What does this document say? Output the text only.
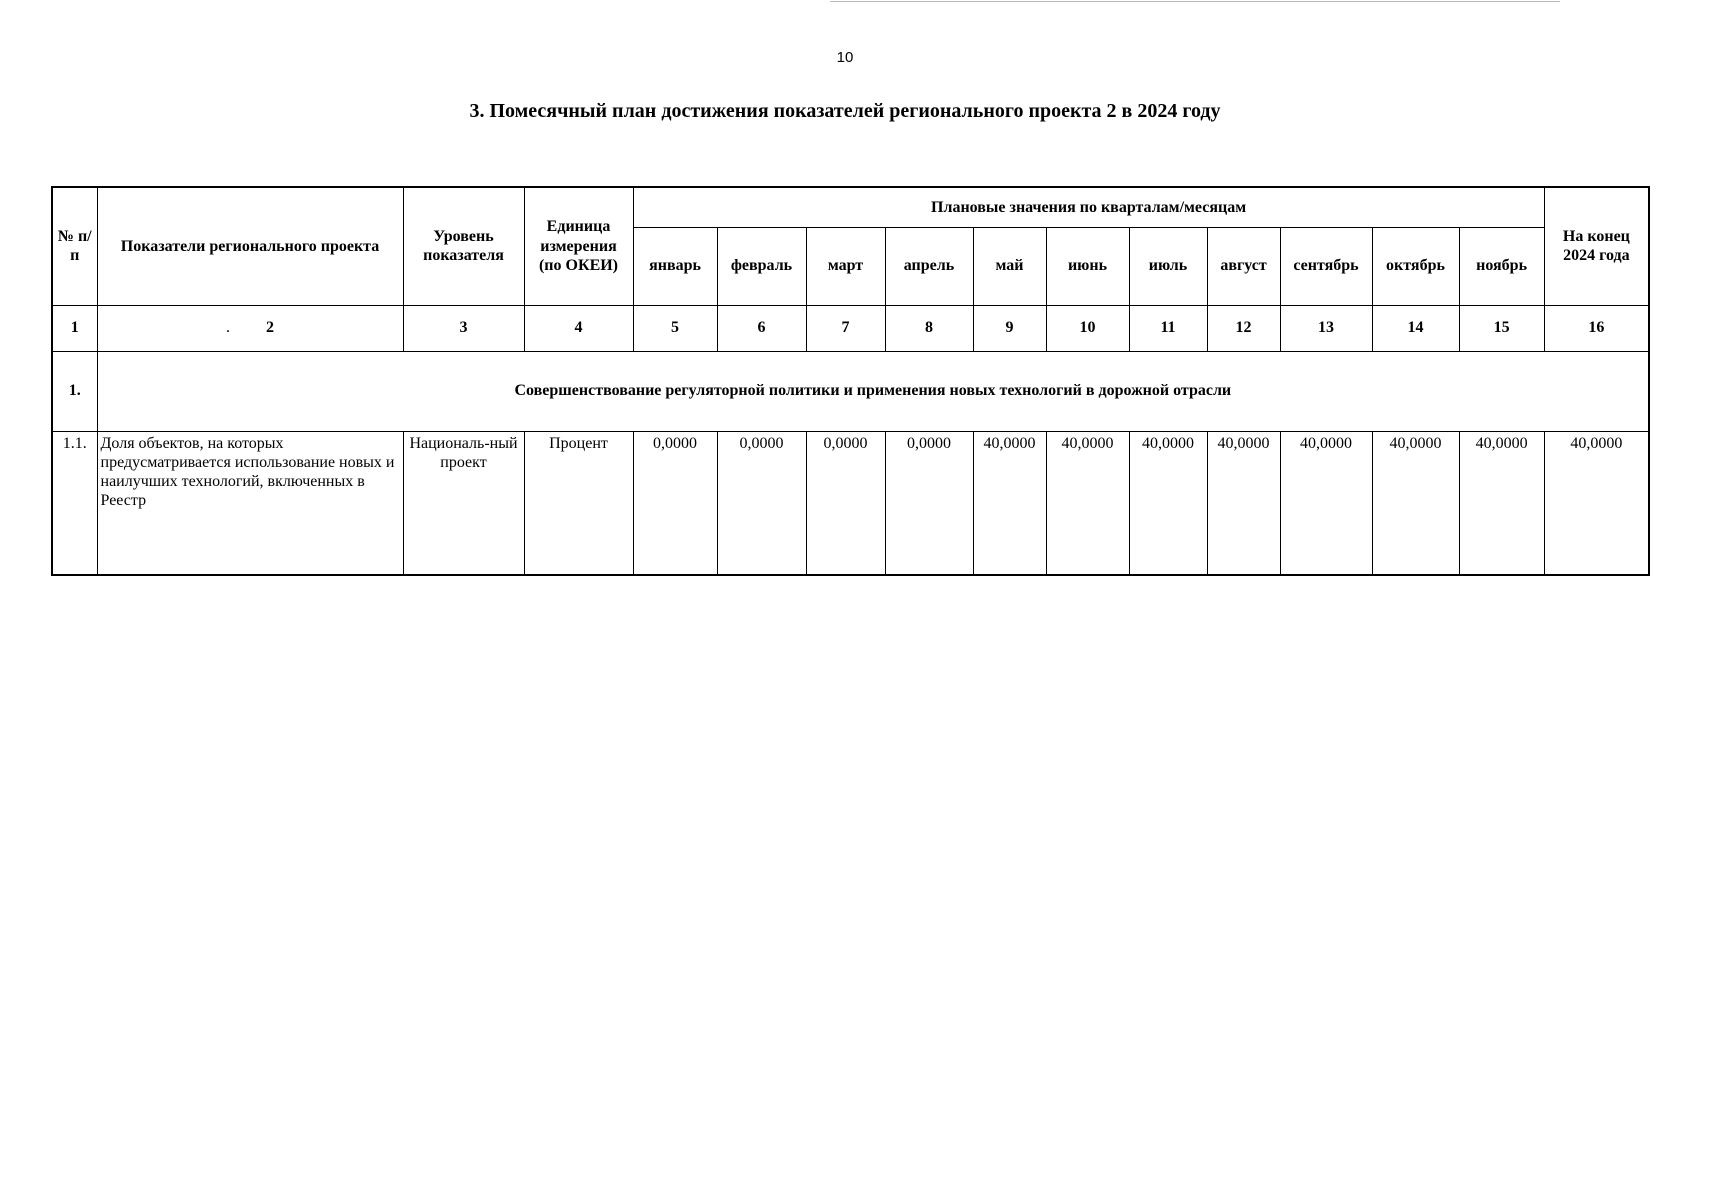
10
3. Помесячный план достижения показателей регионального проекта 2 в 2024 году
№ п/п	Показатели регионального проекта	Уровень показателя	Единица измерения (по ОКЕИ)	Плановые значения по кварталам/месяцам											На конец 2024 года
				январь	февраль	март	апрель	май	июнь	июль	август	сентябрь	октябрь	ноябрь	
1	. 2	3	4	5	6	7	8	9	10	11	12	13	14	15	16
1.	Совершенствование регуляторной политики и применения новых технологий в дорожной отрасли														
1.1.	Доля объектов, на которых предусматривается использование новых и наилучших технологий, включенных в Реестр	Националь-ный проект	Процент	0,0000	0,0000	0,0000	0,0000	40,0000	40,0000	40,0000	40,0000	40,0000	40,0000	40,0000	40,0000
